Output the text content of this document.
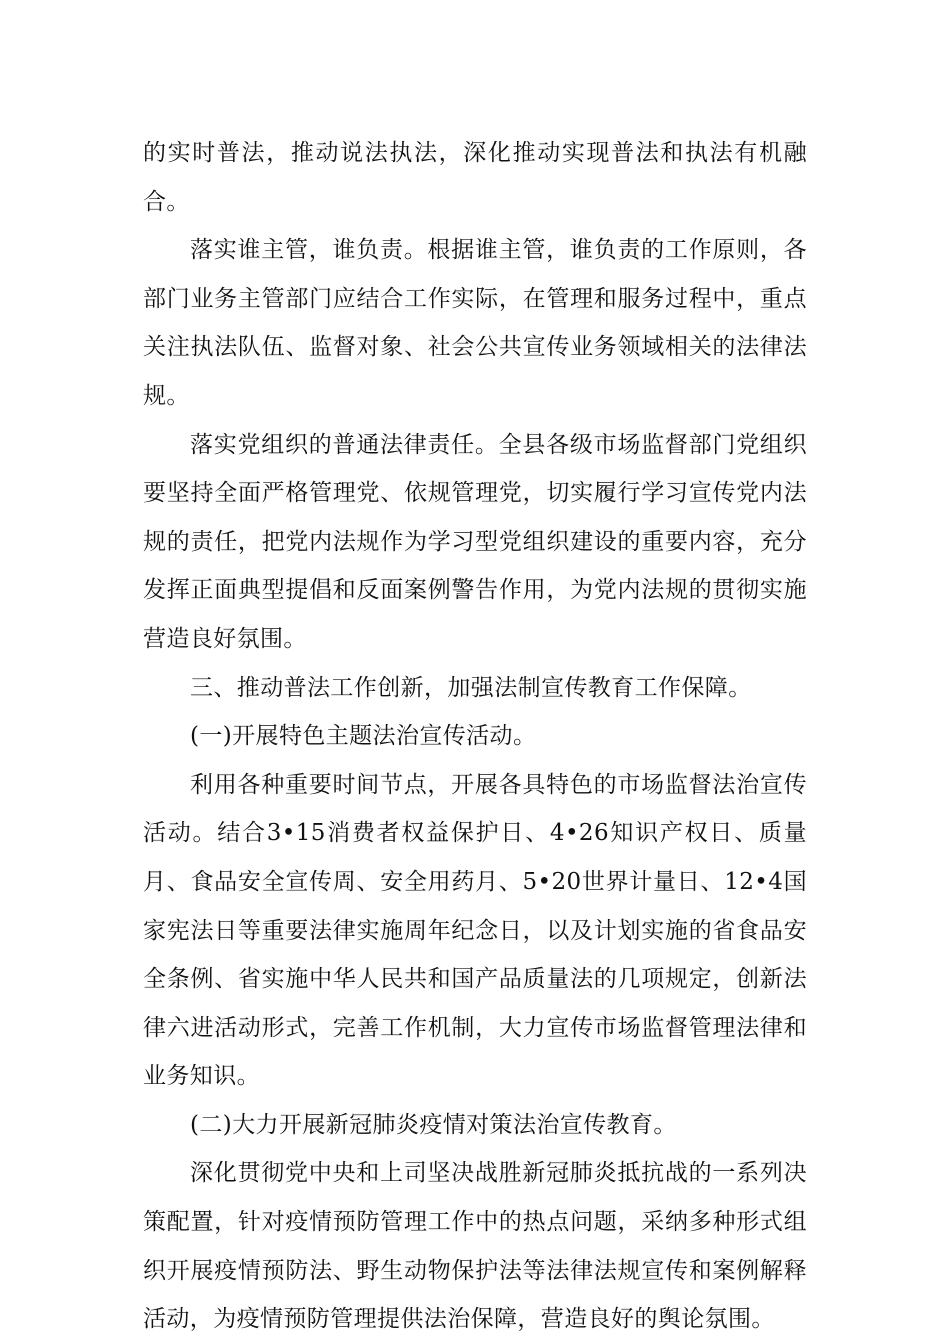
的实时普法，推动说法执法，深化推动实现普法和执法有机融合。

落实谁主管，谁负责。根据谁主管，谁负责的工作原则，各部门业务主管部门应结合工作实际，在管理和服务过程中，重点关注执法队伍、监督对象、社会公共宣传业务领域相关的法律法规。

落实党组织的普通法律责任。全县各级市场监督部门党组织要坚持全面严格管理党、依规管理党，切实履行学习宣传党内法规的责任，把党内法规作为学习型党组织建设的重要内容，充分发挥正面典型提倡和反面案例警告作用，为党内法规的贯彻实施营造良好氛围。

三、推动普法工作创新，加强法制宣传教育工作保障。

(一)开展特色主题法治宣传活动。

利用各种重要时间节点，开展各具特色的市场监督法治宣传活动。结合3•15消费者权益保护日、4•26知识产权日、质量月、食品安全宣传周、安全用药月、5•20世界计量日、12•4国家宪法日等重要法律实施周年纪念日，以及计划实施的省食品安全条例、省实施中华人民共和国产品质量法的几项规定，创新法律六进活动形式，完善工作机制，大力宣传市场监督管理法律和业务知识。

(二)大力开展新冠肺炎疫情对策法治宣传教育。

深化贯彻党中央和上司坚决战胜新冠肺炎抵抗战的一系列决策配置，针对疫情预防管理工作中的热点问题，采纳多种形式组织开展疫情预防法、野生动物保护法等法律法规宣传和案例解释活动，为疫情预防管理提供法治保障，营造良好的舆论氛围。
